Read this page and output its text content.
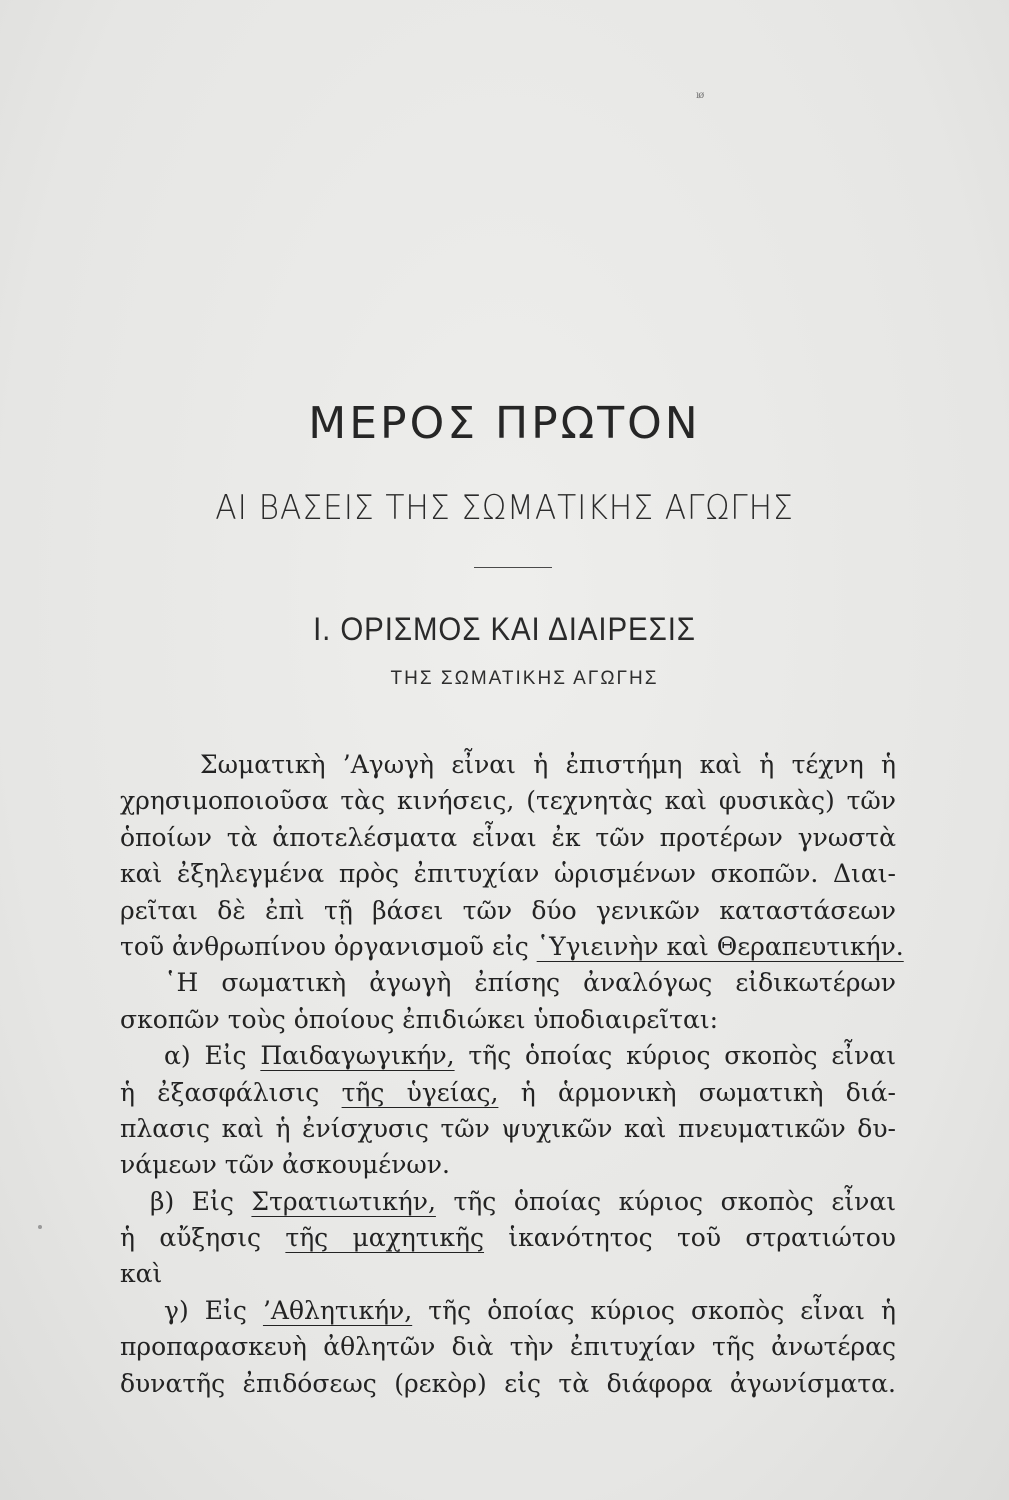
ıø
ΜΕΡΟΣ ΠΡΩΤΟΝ
ΑΙ ΒΑΣΕΙΣ ΤΗΣ ΣΩΜΑΤΙΚΗΣ ΑΓΩΓΗΣ
Ι. ΟΡΙΣΜΟΣ ΚΑΙ ΔΙΑΙΡΕΣΙΣ
ΤΗΣ ΣΩΜΑΤΙΚΗΣ ΑΓΩΓΗΣ
Σωματικὴ ’Αγωγὴ εἶναι ἡ ἐπιστήμη καὶ ἡ τέχνη ἡ
χρησιμοποιοῦσα τὰς κινήσεις, (τεχνητὰς καὶ φυσικὰς) τῶν
ὁποίων τὰ ἀποτελέσματα εἶναι ἐκ τῶν προτέρων γνωστὰ
καὶ ἐξηλεγμένα πρὸς ἐπιτυχίαν ὡρισμένων σκοπῶν. Διαι-
ρεῖται δὲ ἐπὶ τῇ βάσει τῶν δύο γενικῶν καταστάσεων
τοῦ ἀνθρωπίνου ὀργανισμοῦ εἰς ῾Υγιεινὴν καὶ Θεραπευτικήν.
῾Η σωματικὴ ἀγωγὴ ἐπίσης ἀναλόγως εἰδικωτέρων
σκοπῶν τοὺς ὁποίους ἐπιδιώκει ὑποδιαιρεῖται:
α) Εἰς Παιδαγωγικήν, τῆς ὁποίας κύριος σκοπὸς εἶναι
ἡ ἐξασφάλισις τῆς ὑγείας, ἡ ἁρμονικὴ σωματικὴ διά-
πλασις καὶ ἡ ἐνίσχυσις τῶν ψυχικῶν καὶ πνευματικῶν δυ-
νάμεων τῶν ἀσκουμένων.
β) Εἰς Στρατιωτικήν, τῆς ὁποίας κύριος σκοπὸς εἶναι
ἡ αὔξησις τῆς μαχητικῆς ἱκανότητος τοῦ στρατιώτου
καὶ
γ) Εἰς ’Αθλητικήν, τῆς ὁποίας κύριος σκοπὸς εἶναι ἡ
προπαρασκευὴ ἀθλητῶν διὰ τὴν ἐπιτυχίαν τῆς ἀνωτέρας
δυνατῆς ἐπιδόσεως (ρεκὸρ) εἰς τὰ διάφορα ἀγωνίσματα.
